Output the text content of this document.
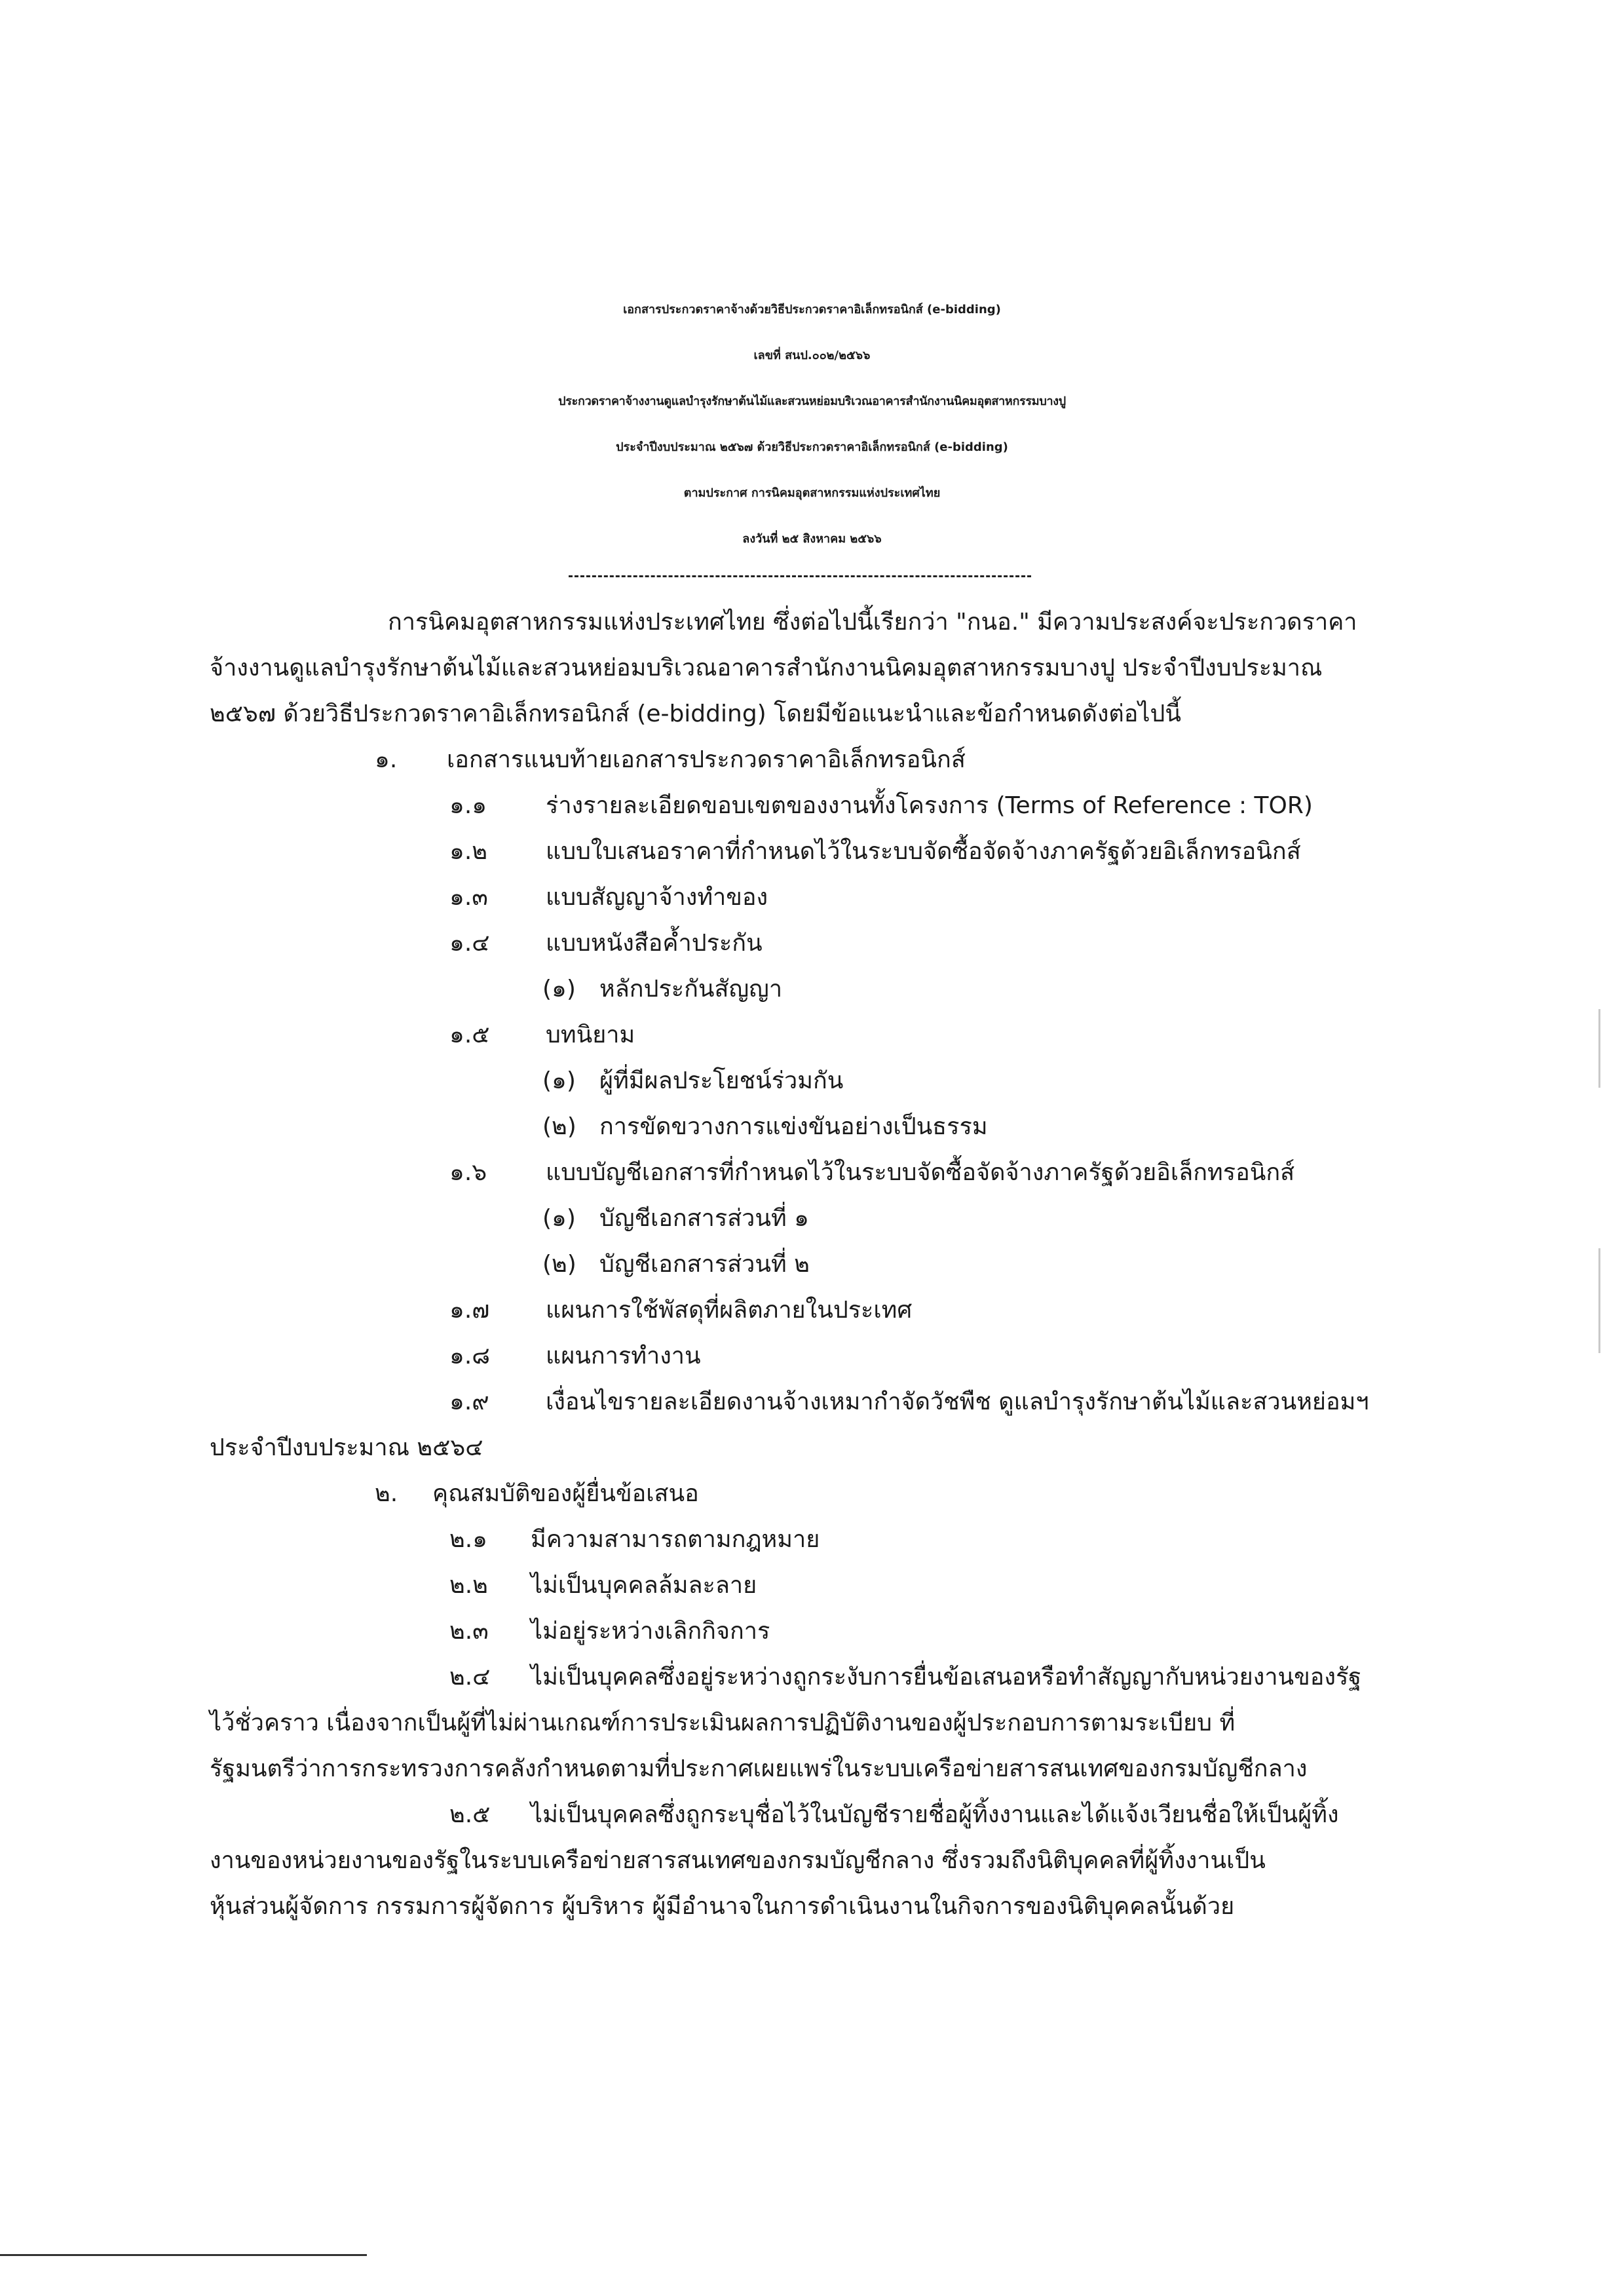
เอกสารประกวดราคาจ้างด้วยวิธีประกวดราคาอิเล็กทรอนิกส์ (e-bidding)
เลขที่ สนป.๐๐๒/๒๕๖๖
ประกวดราคาจ้างงานดูแลบำรุงรักษาต้นไม้และสวนหย่อมบริเวณอาคารสำนักงานนิคมอุตสาหกรรมบางปู
ประจำปีงบประมาณ ๒๕๖๗ ด้วยวิธีประกวดราคาอิเล็กทรอนิกส์ (e-bidding)
ตามประกาศ การนิคมอุตสาหกรรมแห่งประเทศไทย
ลงวันที่ ๒๕ สิงหาคม ๒๕๖๖
การนิคมอุตสาหกรรมแห่งประเทศไทย ซึ่งต่อไปนี้เรียกว่า "กนอ." มีความประสงค์จะประกวดราคา
จ้างงานดูแลบำรุงรักษาต้นไม้และสวนหย่อมบริเวณอาคารสำนักงานนิคมอุตสาหกรรมบางปู ประจำปีงบประมาณ
๒๕๖๗ ด้วยวิธีประกวดราคาอิเล็กทรอนิกส์ (e-bidding) โดยมีข้อแนะนำและข้อกำหนดดังต่อไปนี้
๑. เอกสารแนบท้ายเอกสารประกวดราคาอิเล็กทรอนิกส์
๑.๑ ร่างรายละเอียดขอบเขตของงานทั้งโครงการ (Terms of Reference : TOR)
๑.๒ แบบใบเสนอราคาที่กำหนดไว้ในระบบจัดซื้อจัดจ้างภาครัฐด้วยอิเล็กทรอนิกส์
๑.๓ แบบสัญญาจ้างทำของ
๑.๔ แบบหนังสือค้ำประกัน
(๑) หลักประกันสัญญา
๑.๕ บทนิยาม
(๑) ผู้ที่มีผลประโยชน์ร่วมกัน
(๒) การขัดขวางการแข่งขันอย่างเป็นธรรม
๑.๖ แบบบัญชีเอกสารที่กำหนดไว้ในระบบจัดซื้อจัดจ้างภาครัฐด้วยอิเล็กทรอนิกส์
(๑) บัญชีเอกสารส่วนที่ ๑
(๒) บัญชีเอกสารส่วนที่ ๒
๑.๗ แผนการใช้พัสดุที่ผลิตภายในประเทศ
๑.๘ แผนการทำงาน
๑.๙ เงื่อนไขรายละเอียดงานจ้างเหมากำจัดวัชพืช ดูแลบำรุงรักษาต้นไม้และสวนหย่อมฯ
ประจำปีงบประมาณ ๒๕๖๔
๒. คุณสมบัติของผู้ยื่นข้อเสนอ
๒.๑ มีความสามารถตามกฎหมาย
๒.๒ ไม่เป็นบุคคลล้มละลาย
๒.๓ ไม่อยู่ระหว่างเลิกกิจการ
๒.๔ ไม่เป็นบุคคลซึ่งอยู่ระหว่างถูกระงับการยื่นข้อเสนอหรือทำสัญญากับหน่วยงานของรัฐ
ไว้ชั่วคราว เนื่องจากเป็นผู้ที่ไม่ผ่านเกณฑ์การประเมินผลการปฏิบัติงานของผู้ประกอบการตามระเบียบ ที่
รัฐมนตรีว่าการกระทรวงการคลังกำหนดตามที่ประกาศเผยแพร่ในระบบเครือข่ายสารสนเทศของกรมบัญชีกลาง
๒.๕ ไม่เป็นบุคคลซึ่งถูกระบุชื่อไว้ในบัญชีรายชื่อผู้ทิ้งงานและได้แจ้งเวียนชื่อให้เป็นผู้ทิ้ง
งานของหน่วยงานของรัฐในระบบเครือข่ายสารสนเทศของกรมบัญชีกลาง ซึ่งรวมถึงนิติบุคคลที่ผู้ทิ้งงานเป็น
หุ้นส่วนผู้จัดการ กรรมการผู้จัดการ ผู้บริหาร ผู้มีอำนาจในการดำเนินงานในกิจการของนิติบุคคลนั้นด้วย
